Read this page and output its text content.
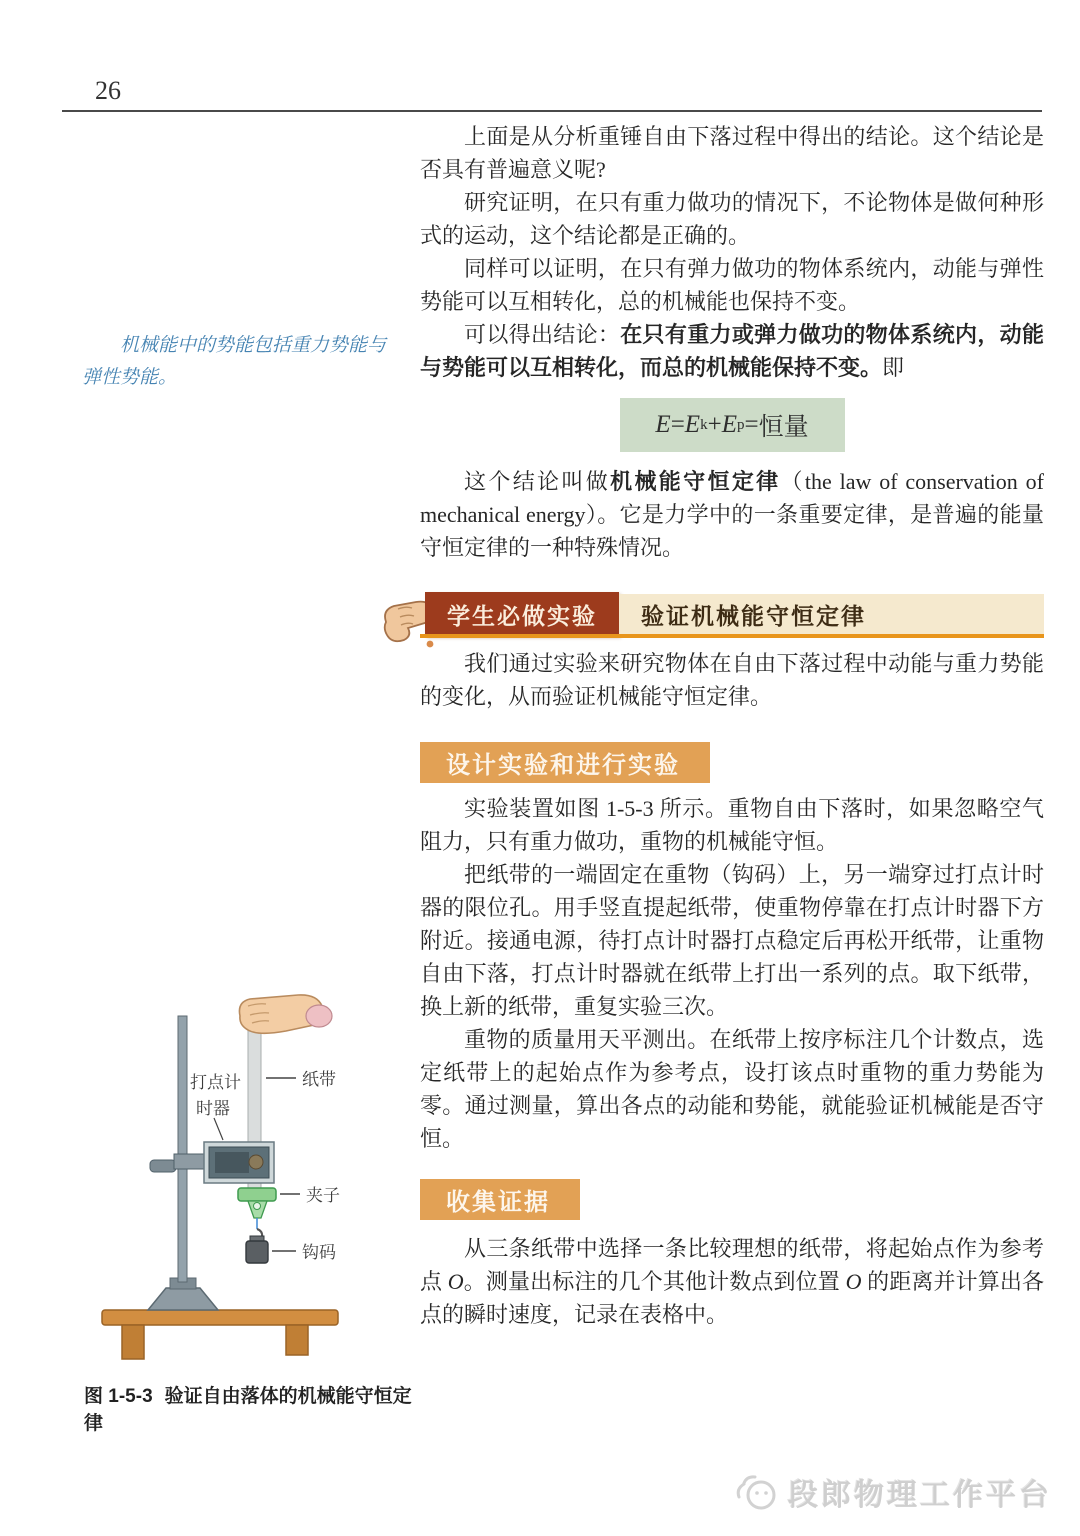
26

机械能中的势能包括重力势能与弹性势能。

上面是从分析重锤自由下落过程中得出的结论。这个结论是否具有普遍意义呢?

研究证明，在只有重力做功的情况下，不论物体是做何种形式的运动，这个结论都是正确的。

同样可以证明，在只有弹力做功的物体系统内，动能与弹性势能可以互相转化，总的机械能也保持不变。

可以得出结论：在只有重力或弹力做功的物体系统内，动能与势能可以互相转化，而总的机械能保持不变。即

E = E k + E p = 恒量

这个结论叫做机械能守恒定律（the law of conservation of mechanical energy）。它是力学中的一条重要定律，是普遍的能量守恒定律的一种特殊情况。

学生必做实验	验证机械能守恒定律

我们通过实验来研究物体在自由下落过程中动能与重力势能的变化，从而验证机械能守恒定律。

设计实验和进行实验

实验装置如图 1-5-3 所示。重物自由下落时，如果忽略空气阻力，只有重力做功，重物的机械能守恒。

把纸带的一端固定在重物（钩码）上，另一端穿过打点计时器的限位孔。用手竖直提起纸带，使重物停靠在打点计时器下方附近。接通电源，待打点计时器打点稳定后再松开纸带，让重物自由下落，打点计时器就在纸带上打出一系列的点。取下纸带，换上新的纸带，重复实验三次。

重物的质量用天平测出。在纸带上按序标注几个计数点，选定纸带上的起始点作为参考点，设打该点时重物的重力势能为零。通过测量，算出各点的动能和势能，就能验证机械能是否守恒。

收集证据

从三条纸带中选择一条比较理想的纸带，将起始点作为参考点 O。测量出标注的几个其他计数点到位置 O 的距离并计算出各点的瞬时速度，记录在表格中。

打点计
时器
纸带
夹子
钩码

图 1-5-3 验证自由落体的机械能守恒定律

段郎物理工作平台
